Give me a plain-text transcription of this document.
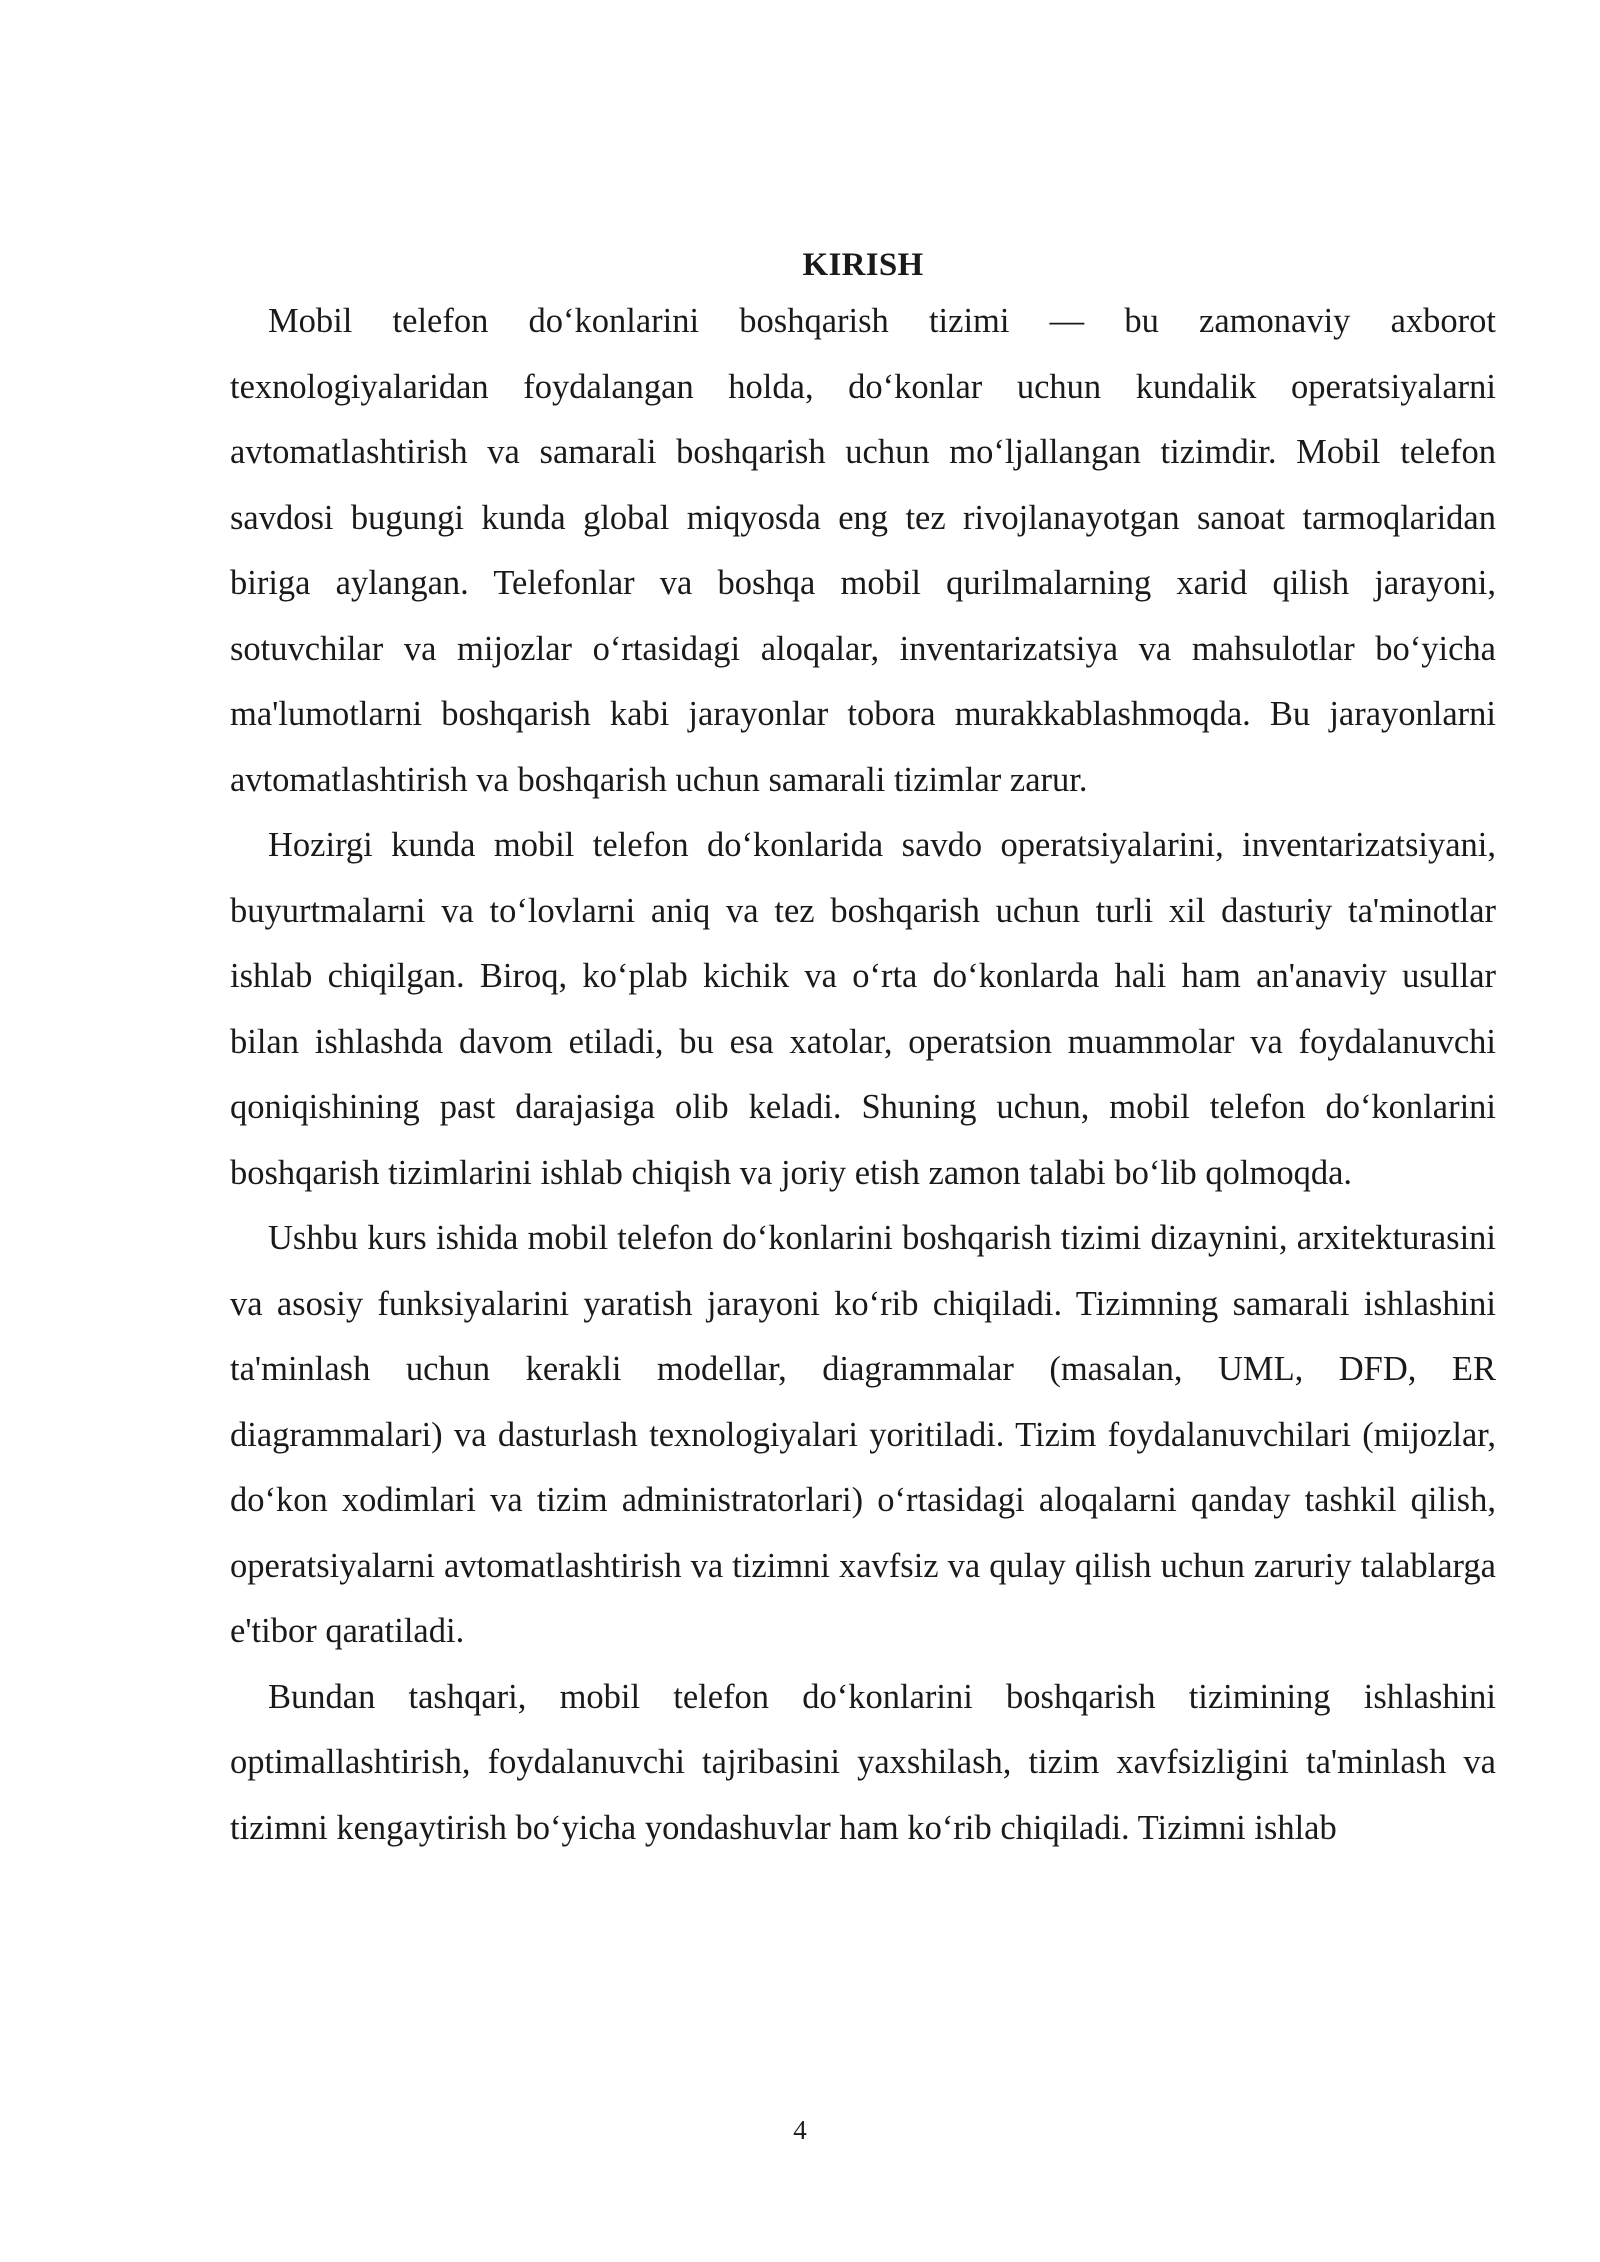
KIRISH

Mobil telefon do‘konlarini boshqarish tizimi — bu zamonaviy axborot texnologiyalaridan foydalangan holda, do‘konlar uchun kundalik operatsiyalarni avtomatlashtirish va samarali boshqarish uchun mo‘ljallangan tizimdir. Mobil telefon savdosi bugungi kunda global miqyosda eng tez rivojlanayotgan sanoat tarmoqlaridan biriga aylangan. Telefonlar va boshqa mobil qurilmalarning xarid qilish jarayoni, sotuvchilar va mijozlar o‘rtasidagi aloqalar, inventarizatsiya va mahsulotlar bo‘yicha ma'lumotlarni boshqarish kabi jarayonlar tobora murakkablashmoqda. Bu jarayonlarni avtomatlashtirish va boshqarish uchun samarali tizimlar zarur.

Hozirgi kunda mobil telefon do‘konlarida savdo operatsiyalarini, inventarizatsiyani, buyurtmalarni va to‘lovlarni aniq va tez boshqarish uchun turli xil dasturiy ta'minotlar ishlab chiqilgan. Biroq, ko‘plab kichik va o‘rta do‘konlarda hali ham an'anaviy usullar bilan ishlashda davom etiladi, bu esa xatolar, operatsion muammolar va foydalanuvchi qoniqishining past darajasiga olib keladi. Shuning uchun, mobil telefon do‘konlarini boshqarish tizimlarini ishlab chiqish va joriy etish zamon talabi bo‘lib qolmoqda.

Ushbu kurs ishida mobil telefon do‘konlarini boshqarish tizimi dizaynini, arxitekturasini va asosiy funksiyalarini yaratish jarayoni ko‘rib chiqiladi. Tizimning samarali ishlashini ta'minlash uchun kerakli modellar, diagrammalar (masalan, UML, DFD, ER diagrammalari) va dasturlash texnologiyalari yoritiladi. Tizim foydalanuvchilari (mijozlar, do‘kon xodimlari va tizim administratorlari) o‘rtasidagi aloqalarni qanday tashkil qilish, operatsiyalarni avtomatlashtirish va tizimni xavfsiz va qulay qilish uchun zaruriy talablarga e'tibor qaratiladi.

Bundan tashqari, mobil telefon do‘konlarini boshqarish tizimining ishlashini optimallashtirish, foydalanuvchi tajribasini yaxshilash, tizim xavfsizligini ta'minlash va tizimni kengaytirish bo‘yicha yondashuvlar ham ko‘rib chiqiladi. Tizimni ishlab

4
